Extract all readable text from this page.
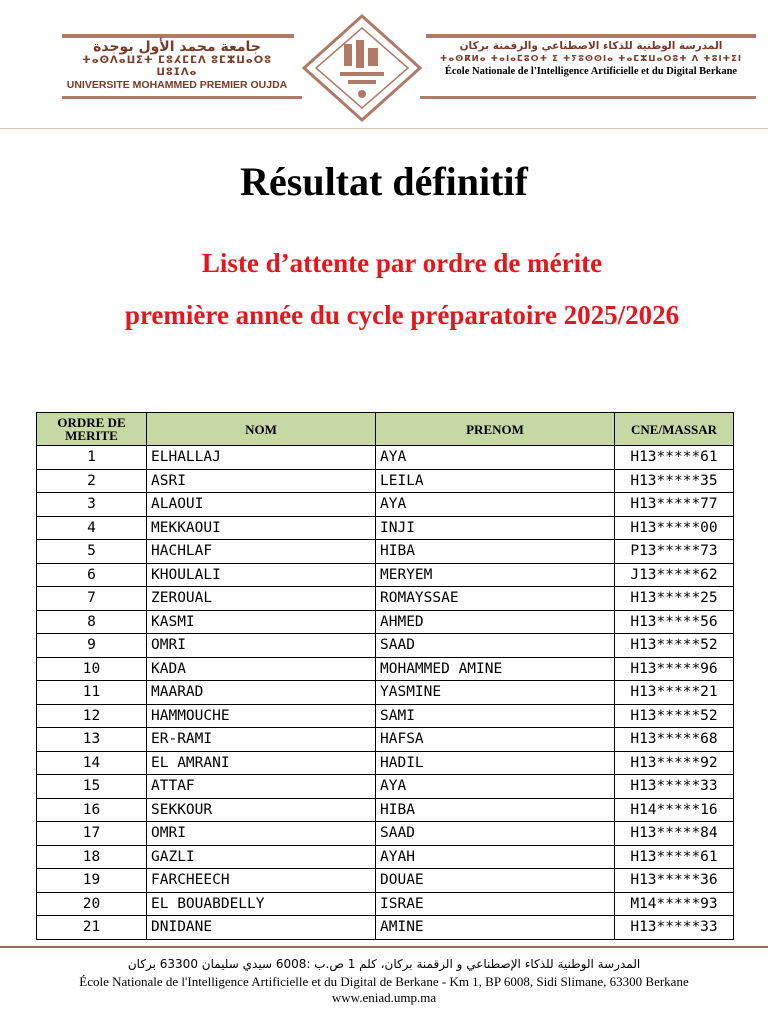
جامعة محمد الأول بوجدة
ⵜⴰⵙⴷⴰⵡⵉⵜ ⵎⵓⵃⵎⵎⴷ ⵓⵎⵣⵡⴰⵔⵓ ⵡⵓⵊⴷⴰ
UNIVERSITE MOHAMMED PREMIER OUJDA
المدرسة الوطنية للذكاء الاصطناعي والرقمنة بركان
ⵜⴰⵙⴽⵍⴰ ⵜⴰⵏⴰⵎⵓⵔⵜ ⵉ ⵜⵢⵓⵙⵙⵏⴰ ⵜⴰⵎⵣⵡⴰⵔⵓⵜ ⴷ ⵜⵓⵏⵜⵉⵏ
École Nationale de l'Intelligence Artificielle et du Digital Berkane
Résultat définitif
Liste d’attente par ordre de mérite
première année du cycle préparatoire 2025/2026
ORDRE DE MERITE	NOM	PRENOM	CNE/MASSAR
1	ELHALLAJ	AYA	H13*****61
2	ASRI	LEILA	H13*****35
3	ALAOUI	AYA	H13*****77
4	MEKKAOUI	INJI	H13*****00
5	HACHLAF	HIBA	P13*****73
6	KHOULALI	MERYEM	J13*****62
7	ZEROUAL	ROMAYSSAE	H13*****25
8	KASMI	AHMED	H13*****56
9	OMRI	SAAD	H13*****52
10	KADA	MOHAMMED AMINE	H13*****96
11	MAARAD	YASMINE	H13*****21
12	HAMMOUCHE	SAMI	H13*****52
13	ER-RAMI	HAFSA	H13*****68
14	EL AMRANI	HADIL	H13*****92
15	ATTAF	AYA	H13*****33
16	SEKKOUR	HIBA	H14*****16
17	OMRI	SAAD	H13*****84
18	GAZLI	AYAH	H13*****61
19	FARCHEECH	DOUAE	H13*****36
20	EL BOUABDELLY	ISRAE	M14*****93
21	DNIDANE	AMINE	H13*****33
المدرسة الوطنية للذكاء الإصطناعي و الرقمنة بركان، كلم 1 ص.ب :6008 سيدي سليمان 63300 بركان
École Nationale de l'Intelligence Artificielle et du Digital de Berkane - Km 1, BP 6008, Sidi Slimane, 63300 Berkane
www.eniad.ump.ma
